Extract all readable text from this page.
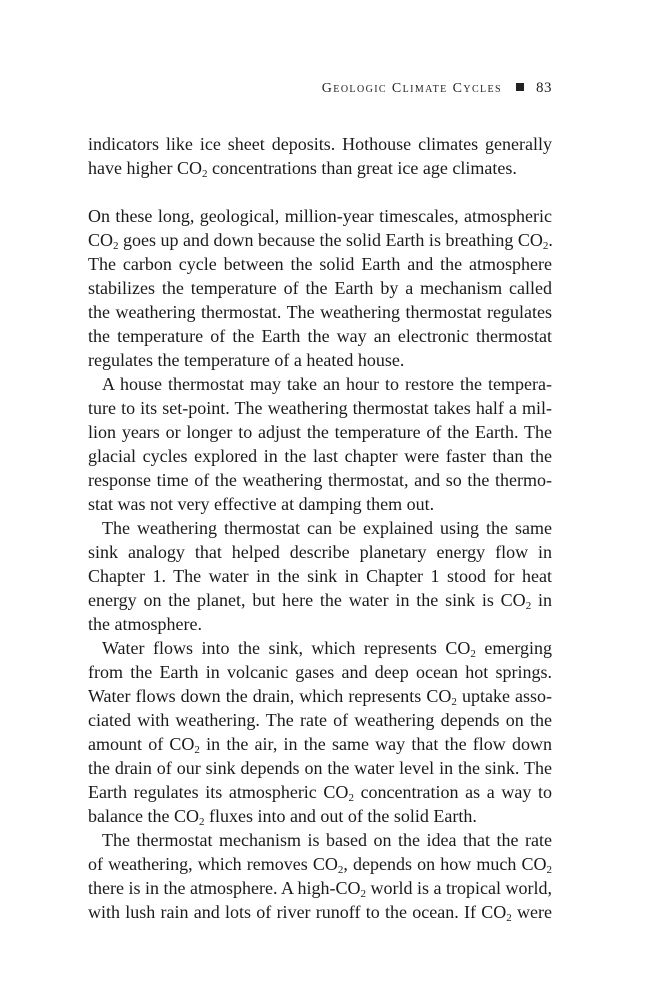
Geologic Climate Cycles 83
indicators like ice sheet deposits. Hothouse climates generally
have higher $CO_2$ concentrations than great ice age climates.
On these long, geological, million-year timescales, atmospheric
$CO_2$ goes up and down because the solid Earth is breathing $CO_2$.
The carbon cycle between the solid Earth and the atmosphere
stabilizes the temperature of the Earth by a mechanism called
the weathering thermostat. The weathering thermostat regulates
the temperature of the Earth the way an electronic thermostat
regulates the temperature of a heated house.
A house thermostat may take an hour to restore the tempera-
ture to its set-point. The weathering thermostat takes half a mil-
lion years or longer to adjust the temperature of the Earth. The
glacial cycles explored in the last chapter were faster than the
response time of the weathering thermostat, and so the thermo-
stat was not very effective at damping them out.
The weathering thermostat can be explained using the same
sink analogy that helped describe planetary energy flow in
Chapter 1. The water in the sink in Chapter 1 stood for heat
energy on the planet, but here the water in the sink is $CO_2$ in
the atmosphere.
Water flows into the sink, which represents $CO_2$ emerging
from the Earth in volcanic gases and deep ocean hot springs.
Water flows down the drain, which represents $CO_2$ uptake asso-
ciated with weathering. The rate of weathering depends on the
amount of $CO_2$ in the air, in the same way that the flow down
the drain of our sink depends on the water level in the sink. The
Earth regulates its atmospheric $CO_2$ concentration as a way to
balance the $CO_2$ fluxes into and out of the solid Earth.
The thermostat mechanism is based on the idea that the rate
of weathering, which removes $CO_2$, depends on how much $CO_2$
there is in the atmosphere. A high-$CO_2$ world is a tropical world,
with lush rain and lots of river runoff to the ocean. If $CO_2$ were
